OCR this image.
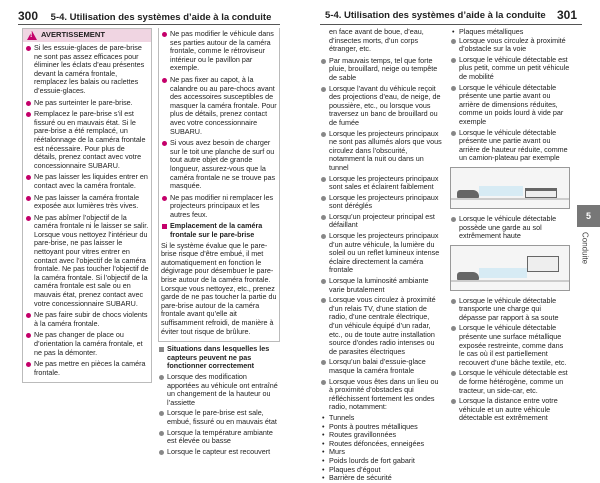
300 5-4. Utilisation des systèmes d’aide à la conduite	5-4. Utilisation des systèmes d’aide à la conduite 301
!
AVERTISSEMENT
Si les essuie-glaces de pare-brise ne sont pas assez efficaces pour éliminer les éclats d’eau présentes devant la caméra frontale, remplacez les balais ou raclettes d’essuie-glaces.
Ne pas surteinter le pare-brise.
Remplacez le pare-brise s’il est fissuré ou en mauvais état. Si le pare-brise a été remplacé, un réétalonnage de la caméra frontale est nécessaire. Pour plus de détails, prenez contact avec votre concessionnaire SUBARU.
Ne pas laisser les liquides entrer en contact avec la caméra frontale.
Ne pas laisser la caméra frontale exposée aux lumières très vives.
Ne pas abîmer l’objectif de la caméra frontale ni le laisser se salir. Lorsque vous nettoyez l’intérieur du pare-brise, ne pas laisser le nettoyant pour vitres entrer en contact avec l’objectif de la caméra frontale. Ne pas toucher l’objectif de la caméra frontale. Si l’objectif de la caméra frontale est sale ou en mauvais état, prenez contact avec votre concessionnaire SUBARU.
Ne pas faire subir de chocs violents à la caméra frontale.
Ne pas changer de place ou d’orientation la caméra frontale, et ne pas la démonter.
Ne pas mettre en pièces la caméra frontale.
Ne pas modifier le véhicule dans ses parties autour de la caméra frontale, comme le rétroviseur intérieur ou le pavillon par exemple.
Ne pas fixer au capot, à la calandre ou au pare-chocs avant des accessoires susceptibles de masquer la caméra frontale. Pour plus de détails, prenez contact avec votre concessionnaire SUBARU.
Si vous avez besoin de charger sur le toit une planche de surf ou tout autre objet de grande longueur, assurez-vous que la caméra frontale ne se trouve pas masquée.
Ne pas modifier ni remplacer les projecteurs principaux et les autres feux.
Emplacement de la caméra frontale sur le pare-brise
Si le système évalue que le pare-brise risque d’être embué, il met automatiquement en fonction le dégivrage pour désembuer le pare-brise autour de la caméra frontale. Lorsque vous nettoyez, etc., prenez garde de ne pas toucher la partie du pare-brise autour de la caméra frontale avant qu’elle ait suffisamment refroidi, de manière à éviter tout risque de brûlure.
Situations dans lesquelles les capteurs peuvent ne pas fonctionner correctement
Lorsque des modification apportées au véhicule ont entraîné un changement de la hauteur ou l’assiette
Lorsque le pare-brise est sale, embué, fissuré ou en mauvais état
Lorsque la température ambiante est élevée ou basse
Lorsque le capteur est recouvert
en face avant de boue, d’eau, d’insectes morts, d’un corps étranger, etc.
Par mauvais temps, tel que forte pluie, brouillard, neige ou tempête de sable
Lorsque l’avant du véhicule reçoit des projections d’eau, de neige, de poussière, etc., ou lorsque vous traversez un banc de brouillard ou de fumée
Lorsque les projecteurs principaux ne sont pas allumés alors que vous circulez dans l’obscurité, notamment la nuit ou dans un tunnel
Lorsque les projecteurs principaux sont sales et éclairent faiblement
Lorsque les projecteurs principaux sont déréglés
Lorsqu’un projecteur principal est défaillant
Lorsque les projecteurs principaux d’un autre véhicule, la lumière du soleil ou un reflet lumineux intense éclaire directement la caméra frontale
Lorsque la luminosité ambiante varie brutalement
Lorsque vous circulez à proximité d’un relais TV, d’une station de radio, d’une centrale électrique, d’un véhicule équipé d’un radar, etc., ou de toute autre installation source d’ondes radio intenses ou de parasites électriques
Lorsqu’un balai d’essuie-glace masque la caméra frontale
Lorsque vous êtes dans un lieu ou à proximité d’obstacles qui réfléchissent fortement les ondes radio, notamment:
• Tunnels
• Ponts à poutres métalliques
• Routes gravillonnées
• Routes défoncées, enneigées
• Murs
• Poids lourds de fort gabarit
• Plaques d’égout
• Barrière de sécurité
• Plaques métalliques
Lorsque vous circulez à proximité d’obstacle sur la voie
Lorsque le véhicule détectable est plus petit, comme un petit véhicule de mobilité
Lorsque le véhicule détectable présente une partie avant ou arrière de dimensions réduites, comme un poids lourd à vide par exemple
Lorsque le véhicule détectable présente une partie avant ou arrière de hauteur réduite, comme un camion-plateau par exemple
Lorsque le véhicule détectable possède une garde au sol extrêmement haute
Lorsque le véhicule détectable transporte une charge qui dépasse par rapport à sa soute
Lorsque le véhicule détectable présente une surface métallique exposée restreinte, comme dans le cas où il est partiellement recouvert d’une bâche textile, etc.
Lorsque le véhicule détectable est de forme hétérogène, comme un tracteur, un side-car, etc.
Lorsque la distance entre votre véhicule et un autre véhicule détectable est extrêmement
5
Conduite
